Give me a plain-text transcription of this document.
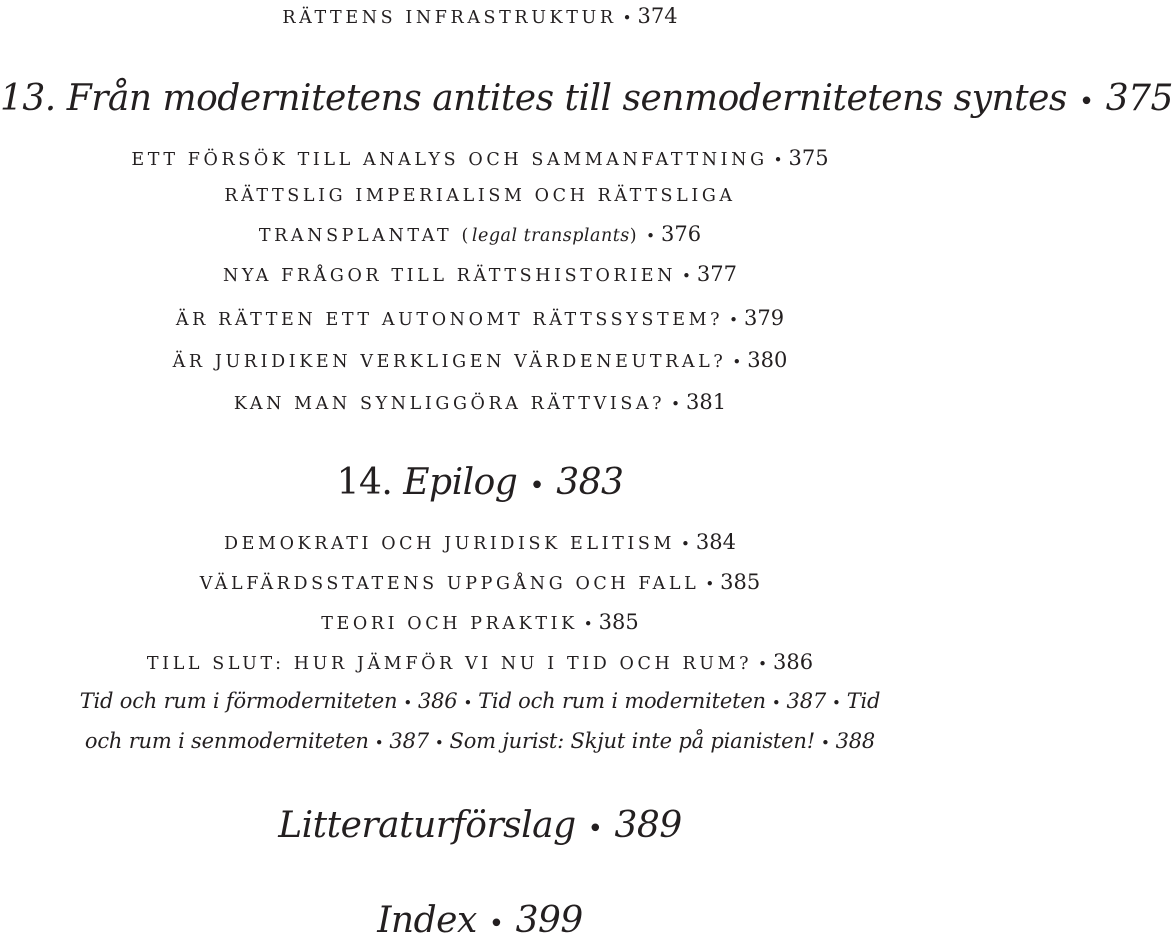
RÄTTENS INFRASTRUKTUR • 374
13. Från modernitetens antites till senmodernitetens syntes • 375
ETT FÖRSÖK TILL ANALYS OCH SAMMANFATTNING • 375
RÄTTSLIG IMPERIALISM OCH RÄTTSLIGA
TRANSPLANTAT (legal transplants) • 376
NYA FRÅGOR TILL RÄTTSHISTORIEN • 377
ÄR RÄTTEN ETT AUTONOMT RÄTTSSYSTEM? • 379
ÄR JURIDIKEN VERKLIGEN VÄRDENEUTRAL? • 380
KAN MAN SYNLIGGÖRA RÄTTVISA? • 381
14. Epilog • 383
DEMOKRATI OCH JURIDISK ELITISM • 384
VÄLFÄRDSSTATENS UPPGÅNG OCH FALL • 385
TEORI OCH PRAKTIK • 385
TILL SLUT: HUR JÄMFÖR VI NU I TID OCH RUM? • 386
Tid och rum i förmoderniteten • 386 • Tid och rum i moderniteten • 387 • Tid
och rum i senmoderniteten • 387 • Som jurist: Skjut inte på pianisten! • 388
Litteraturförslag • 389
Index • 399
